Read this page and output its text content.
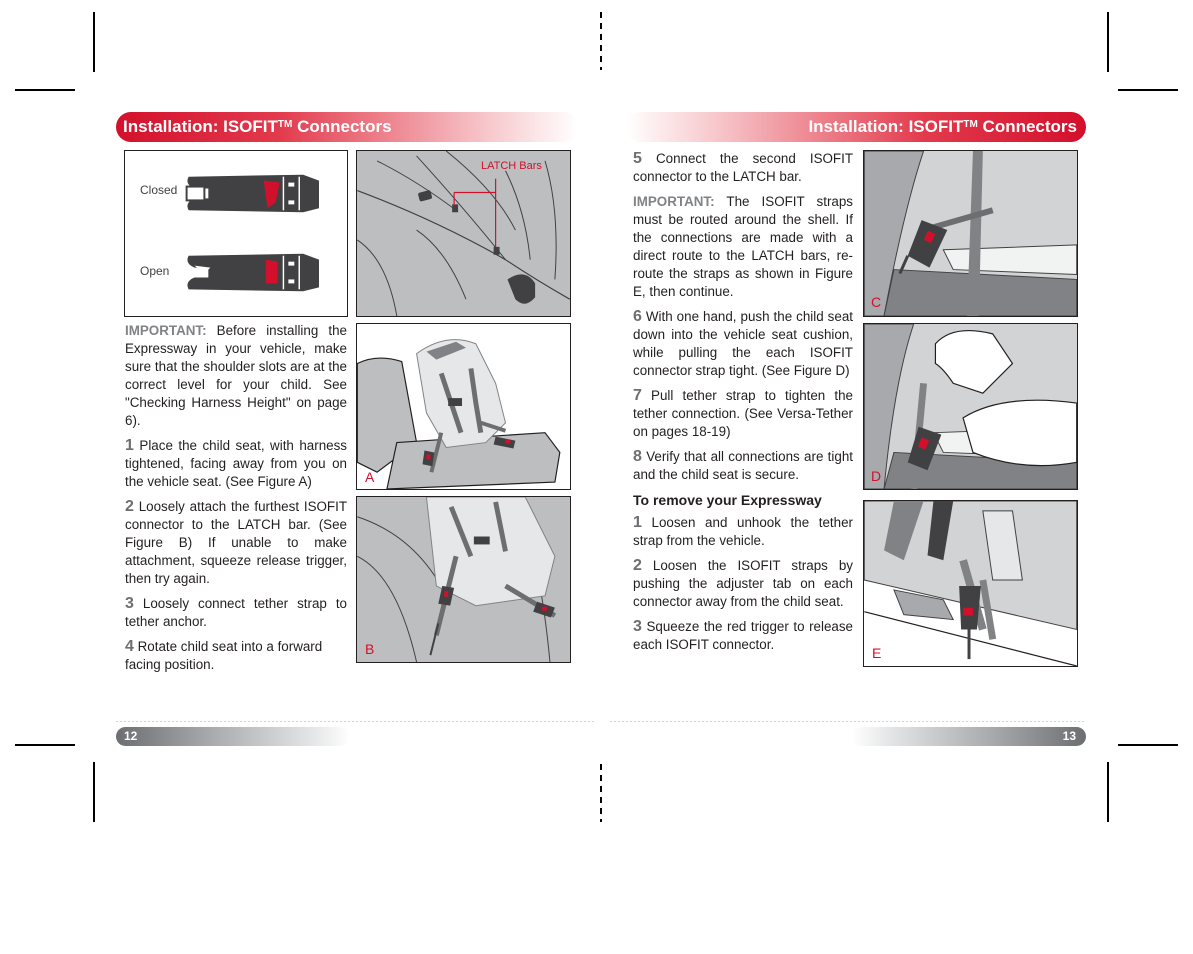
Installation: ISOFIT™ Connectors
Closed
Open
LATCH Bars
A
B

IMPORTANT: Before installing the Expressway in your vehicle, make sure that the shoulder slots are at the correct level for your child. See "Checking Harness Height" on page 6).

1 Place the child seat, with harness tightened, facing away from you on the vehicle seat. (See Figure A)

2 Loosely attach the furthest ISOFIT connector to the LATCH bar. (See Figure B) If unable to make attachment, squeeze release trigger, then try again.

3 Loosely connect tether strap to tether anchor.

4 Rotate child seat into a forward facing position.

12
Installation: ISOFIT™ Connectors

5 Connect the second ISOFIT connector to the LATCH bar.

IMPORTANT: The ISOFIT straps must be routed around the shell. If the connections are made with a direct route to the LATCH bars, re-route the straps as shown in Figure E, then continue.

6 With one hand, push the child seat down into the vehicle seat cushion, while pulling the each ISOFIT connector strap tight. (See Figure D)

7 Pull tether strap to tighten the tether connection. (See Versa-Tether on pages 18-19)

8 Verify that all connections are tight and the child seat is secure.

To remove your Expressway

1 Loosen and unhook the tether strap from the vehicle.

2 Loosen the ISOFIT straps by pushing the adjuster tab on each connector away from the child seat.

3 Squeeze the red trigger to release each ISOFIT connector.

C
D
E
13
